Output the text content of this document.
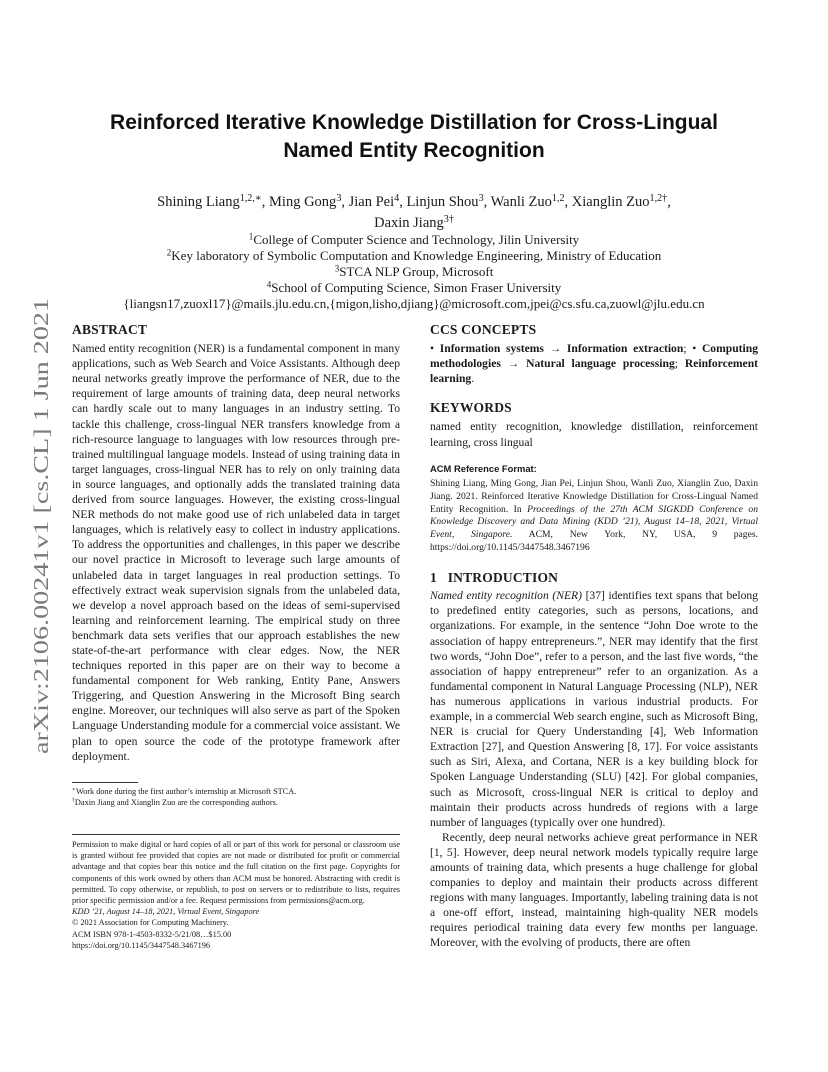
arXiv:2106.00241v1 [cs.CL] 1 Jun 2021
Reinforced Iterative Knowledge Distillation for Cross-Lingual
Named Entity Recognition
Shining Liang$^{1,2,∗}$, Ming Gong$^3$, Jian Pei$^4$, Linjun Shou$^3$, Wanli Zuo$^{1,2}$, Xianglin Zuo$^{1,2\dagger}$,
Daxin Jiang$^{3\dagger}$
$^1$College of Computer Science and Technology, Jilin University
$^2$Key laboratory of Symbolic Computation and Knowledge Engineering, Ministry of Education
$^3$STCA NLP Group, Microsoft
$^4$School of Computing Science, Simon Fraser University
{liangsn17,zuoxl17}@mails.jlu.edu.cn,{migon,lisho,djiang}@microsoft.com,jpei@cs.sfu.ca,zuowl@jlu.edu.cn
ABSTRACT

Named entity recognition (NER) is a fundamental component in many applications, such as Web Search and Voice Assistants. Although deep neural networks greatly improve the performance of NER, due to the requirement of large amounts of training data, deep neural networks can hardly scale out to many languages in an industry setting. To tackle this challenge, cross-lingual NER transfers knowledge from a rich-resource language to languages with low resources through pre-trained multilingual language models. Instead of using training data in target languages, cross-lingual NER has to rely on only training data in source languages, and optionally adds the translated training data derived from source languages. However, the existing cross-lingual NER methods do not make good use of rich unlabeled data in target languages, which is relatively easy to collect in industry applications. To address the opportunities and challenges, in this paper we describe our novel practice in Microsoft to leverage such large amounts of unlabeled data in target languages in real production settings. To effectively extract weak supervision signals from the unlabeled data, we develop a novel approach based on the ideas of semi-supervised learning and reinforcement learning. The empirical study on three benchmark data sets verifies that our approach establishes the new state-of-the-art performance with clear edges. Now, the NER techniques reported in this paper are on their way to become a fundamental component for Web ranking, Entity Pane, Answers Triggering, and Question Answering in the Microsoft Bing search engine. Moreover, our techniques will also serve as part of the Spoken Language Understanding module for a commercial voice assistant. We plan to open source the code of the prototype framework after deployment.

∗Work done during the first author’s internship at Microsoft STCA.
†Daxin Jiang and Xianglin Zuo are the corresponding authors.

Permission to make digital or hard copies of all or part of this work for personal or classroom use is granted without fee provided that copies are not made or distributed for profit or commercial advantage and that copies bear this notice and the full citation on the first page. Copyrights for components of this work owned by others than ACM must be honored. Abstracting with credit is permitted. To copy otherwise, or republish, to post on servers or to redistribute to lists, requires prior specific permission and/or a fee. Request permissions from permissions@acm.org.

KDD ’21, August 14–18, 2021, Virtual Event, Singapore

© 2021 Association for Computing Machinery.

ACM ISBN 978-1-4503-8332-5/21/08…$15.00

https://doi.org/10.1145/3447548.3467196

CCS CONCEPTS

• Information systems → Information extraction; • Computing methodologies → Natural language processing; Reinforcement learning.

KEYWORDS

named entity recognition, knowledge distillation, reinforcement learning, cross lingual

ACM Reference Format:

Shining Liang, Ming Gong, Jian Pei, Linjun Shou, Wanli Zuo, Xianglin Zuo, Daxin Jiang. 2021. Reinforced Iterative Knowledge Distillation for Cross-Lingual Named Entity Recognition. In Proceedings of the 27th ACM SIGKDD Conference on Knowledge Discovery and Data Mining (KDD ’21), August 14–18, 2021, Virtual Event, Singapore. ACM, New York, NY, USA, 9 pages. https://doi.org/10.1145/3447548.3467196

1 INTRODUCTION

Named entity recognition (NER) [37] identifies text spans that belong to predefined entity categories, such as persons, locations, and organizations. For example, in the sentence “John Doe wrote to the association of happy entrepreneurs.”, NER may identify that the first two words, “John Doe”, refer to a person, and the last five words, “the association of happy entrepreneur” refer to an organization. As a fundamental component in Natural Language Processing (NLP), NER has numerous applications in various industrial products. For example, in a commercial Web search engine, such as Microsoft Bing, NER is crucial for Query Understanding [4], Web Information Extraction [27], and Question Answering [8, 17]. For voice assistants such as Siri, Alexa, and Cortana, NER is a key building block for Spoken Language Understanding (SLU) [42]. For global companies, such as Microsoft, cross-lingual NER is critical to deploy and maintain their products across hundreds of regions with a large number of languages (typically over one hundred).

Recently, deep neural networks achieve great performance in NER [1, 5]. However, deep neural network models typically require large amounts of training data, which presents a huge challenge for global companies to deploy and maintain their products across different regions with many languages. Importantly, labeling training data is not a one-off effort, instead, maintaining high-quality NER models requires periodical training data every few months per language. Moreover, with the evolving of products, there are often
